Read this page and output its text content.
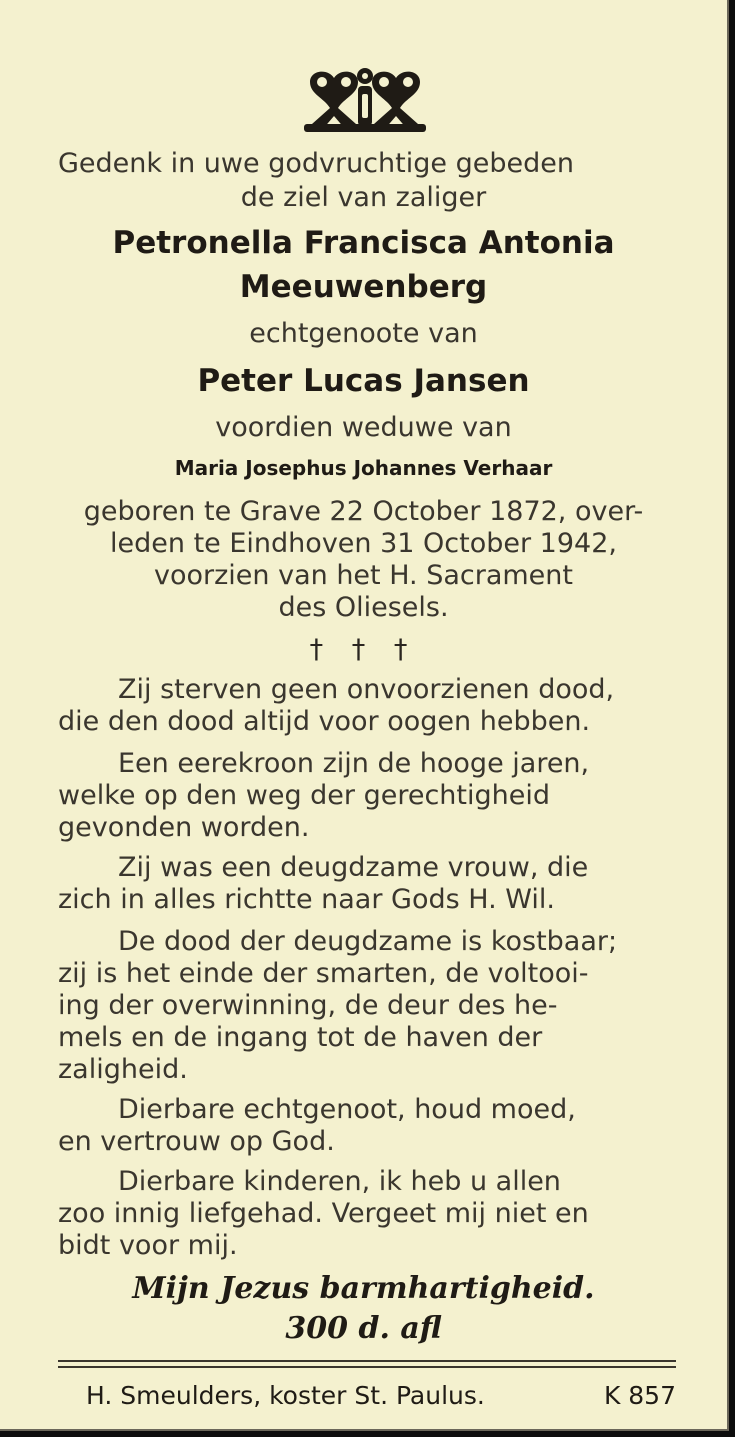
Gedenk in uwe godvruchtige gebeden
de ziel van zaliger
Petronella Francisca Antonia
Meeuwenberg
echtgenoote van
Peter Lucas Jansen
voordien weduwe van
Maria Josephus Johannes Verhaar
geboren te Grave 22 October 1872, over-
leden te Eindhoven 31 October 1942,
voorzien van het H. Sacrament
des Oliesels.
† † †
Zij sterven geen onvoorzienen dood,
die den dood altijd voor oogen hebben.
Een eerekroon zijn de hooge jaren,
welke op den weg der gerechtigheid
gevonden worden.
Zij was een deugdzame vrouw, die
zich in alles richtte naar Gods H. Wil.
De dood der deugdzame is kostbaar;
zij is het einde der smarten, de voltooi-
ing der overwinning, de deur des he-
mels en de ingang tot de haven der
zaligheid.
Dierbare echtgenoot, houd moed,
en vertrouw op God.
Dierbare kinderen, ik heb u allen
zoo innig liefgehad. Vergeet mij niet en
bidt voor mij.
Mijn Jezus barmhartigheid.
300 d. afl
H. Smeulders, koster St. Paulus.	K 857
